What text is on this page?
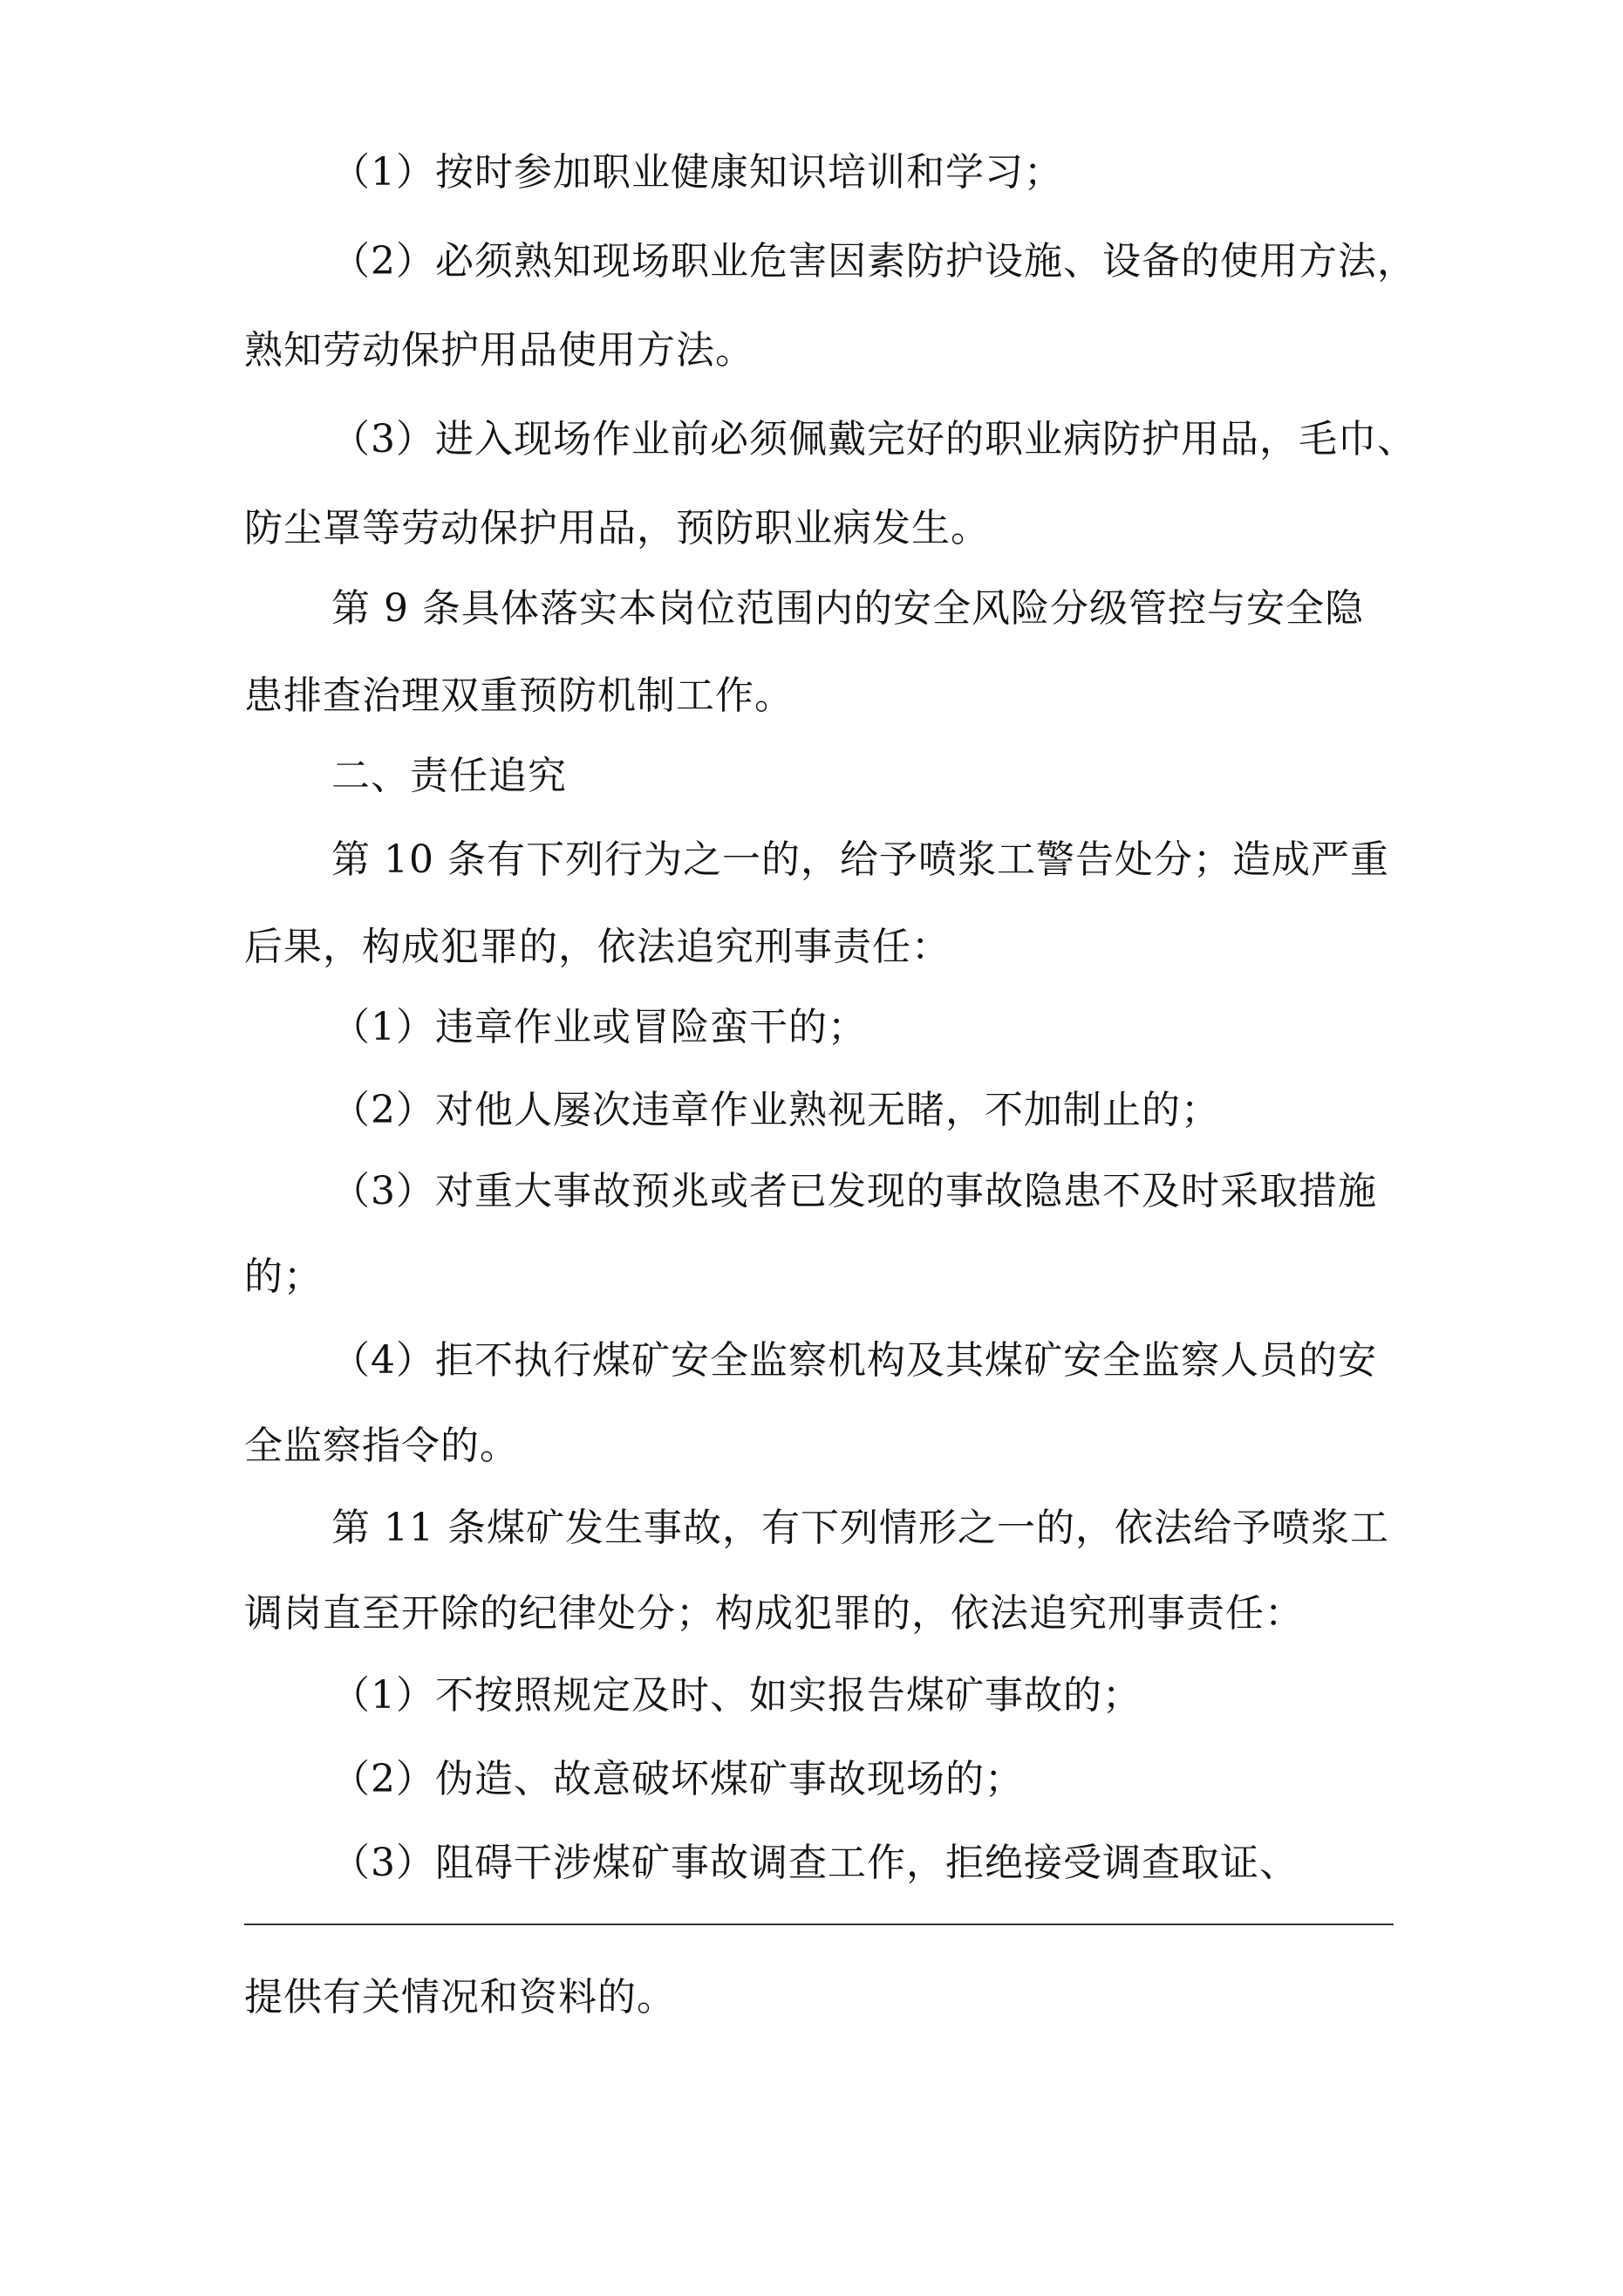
（1）按时参加职业健康知识培训和学习；
（2）必须熟知现场职业危害因素防护设施、设备的使用方法，
熟知劳动保护用品使用方法。
（3）进入现场作业前必须佩戴完好的职业病防护用品，毛巾、
防尘罩等劳动保护用品，预防职业病发生。
第 9 条具体落实本岗位范围内的安全风险分级管控与安全隐
患排查治理双重预防机制工作。
二、责任追究
第 10 条有下列行为之一的，给予喷浆工警告处分；造成严重
后果，构成犯罪的，依法追究刑事责任：
（1）违章作业或冒险蛮干的；
（2）对他人屡次违章作业熟视无睹，不加制止的；
（3）对重大事故预兆或者已发现的事故隐患不及时采取措施
的；
（4）拒不执行煤矿安全监察机构及其煤矿安全监察人员的安
全监察指令的。
第 11 条煤矿发生事故，有下列情形之一的，依法给予喷浆工
调岗直至开除的纪律处分；构成犯罪的，依法追究刑事责任：
（1）不按照规定及时、如实报告煤矿事故的；
（2）伪造、故意破坏煤矿事故现场的；
（3）阻碍干涉煤矿事故调查工作，拒绝接受调查取证、
提供有关情况和资料的。
